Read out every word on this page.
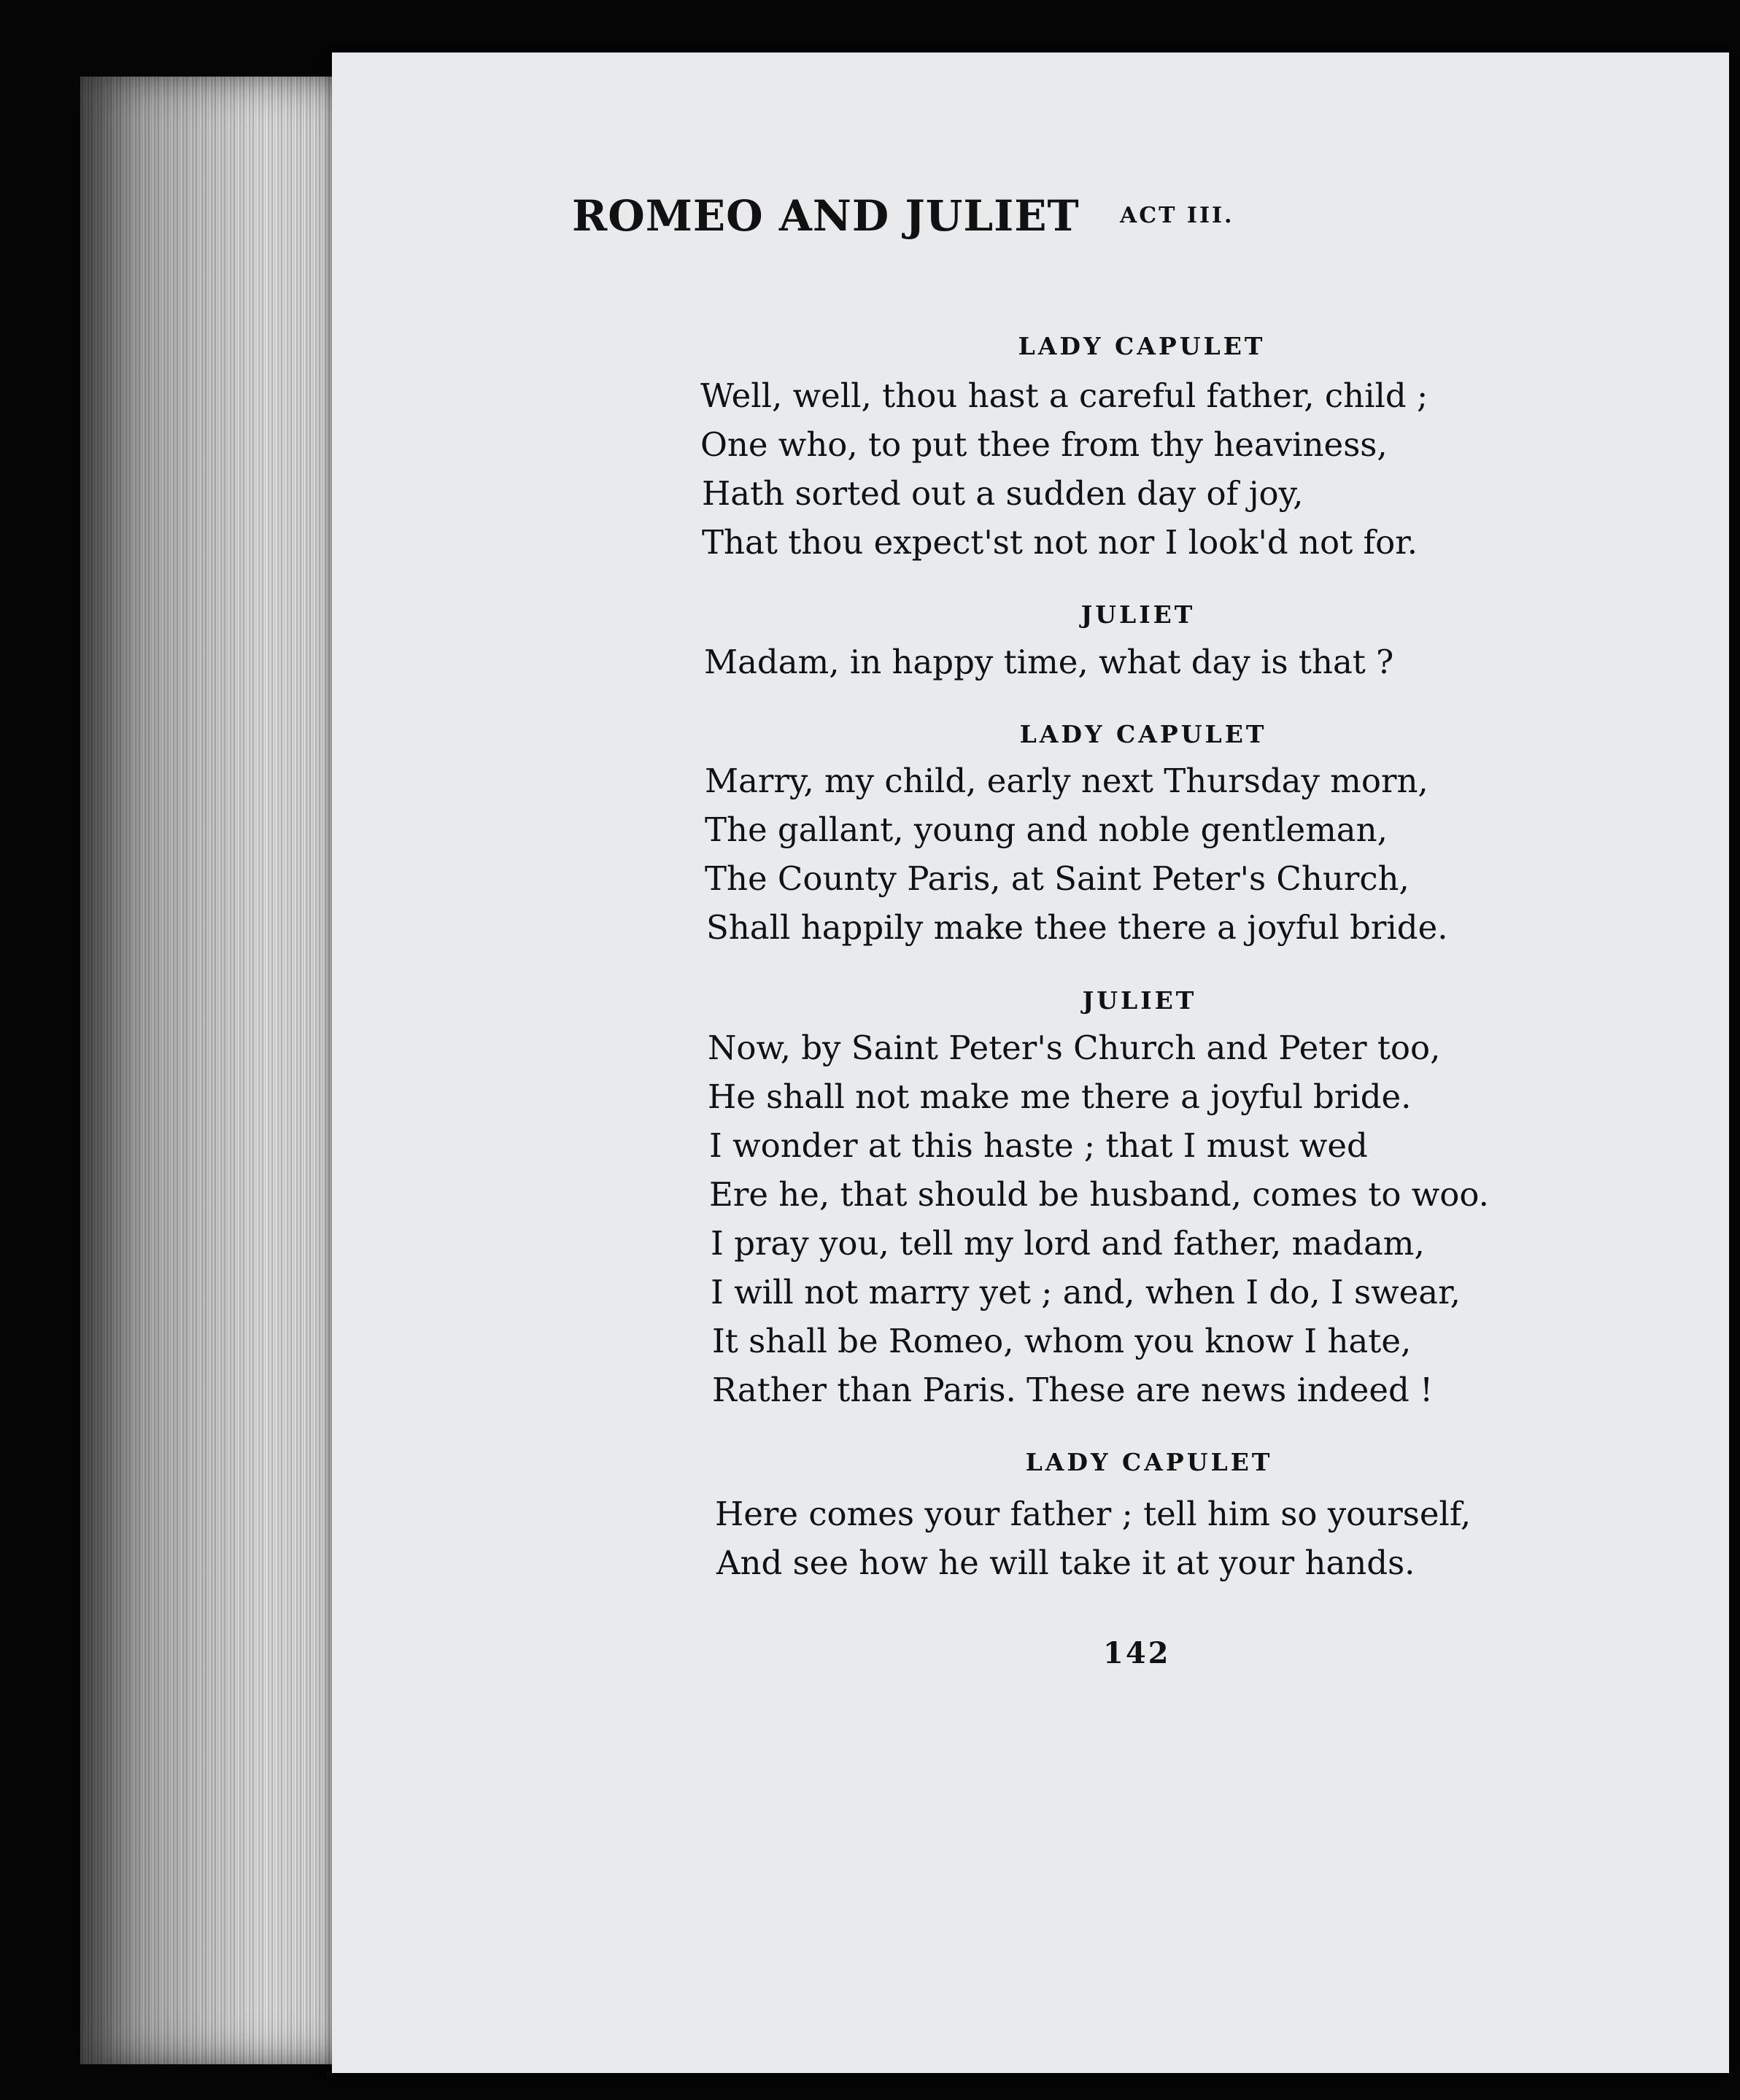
ROMEO AND JULIET ACT III.
LADY CAPULET
Well, well, thou hast a careful father, child ;
One who, to put thee from thy heaviness,
Hath sorted out a sudden day of joy,
That thou expect'st not nor I look'd not for.
JULIET
Madam, in happy time, what day is that ?
LADY CAPULET
Marry, my child, early next Thursday morn,
The gallant, young and noble gentleman,
The County Paris, at Saint Peter's Church,
Shall happily make thee there a joyful bride.
JULIET
Now, by Saint Peter's Church and Peter too,
He shall not make me there a joyful bride.
I wonder at this haste ; that I must wed
Ere he, that should be husband, comes to woo.
I pray you, tell my lord and father, madam,
I will not marry yet ; and, when I do, I swear,
It shall be Romeo, whom you know I hate,
Rather than Paris. These are news indeed !
LADY CAPULET
Here comes your father ; tell him so yourself,
And see how he will take it at your hands.
142
